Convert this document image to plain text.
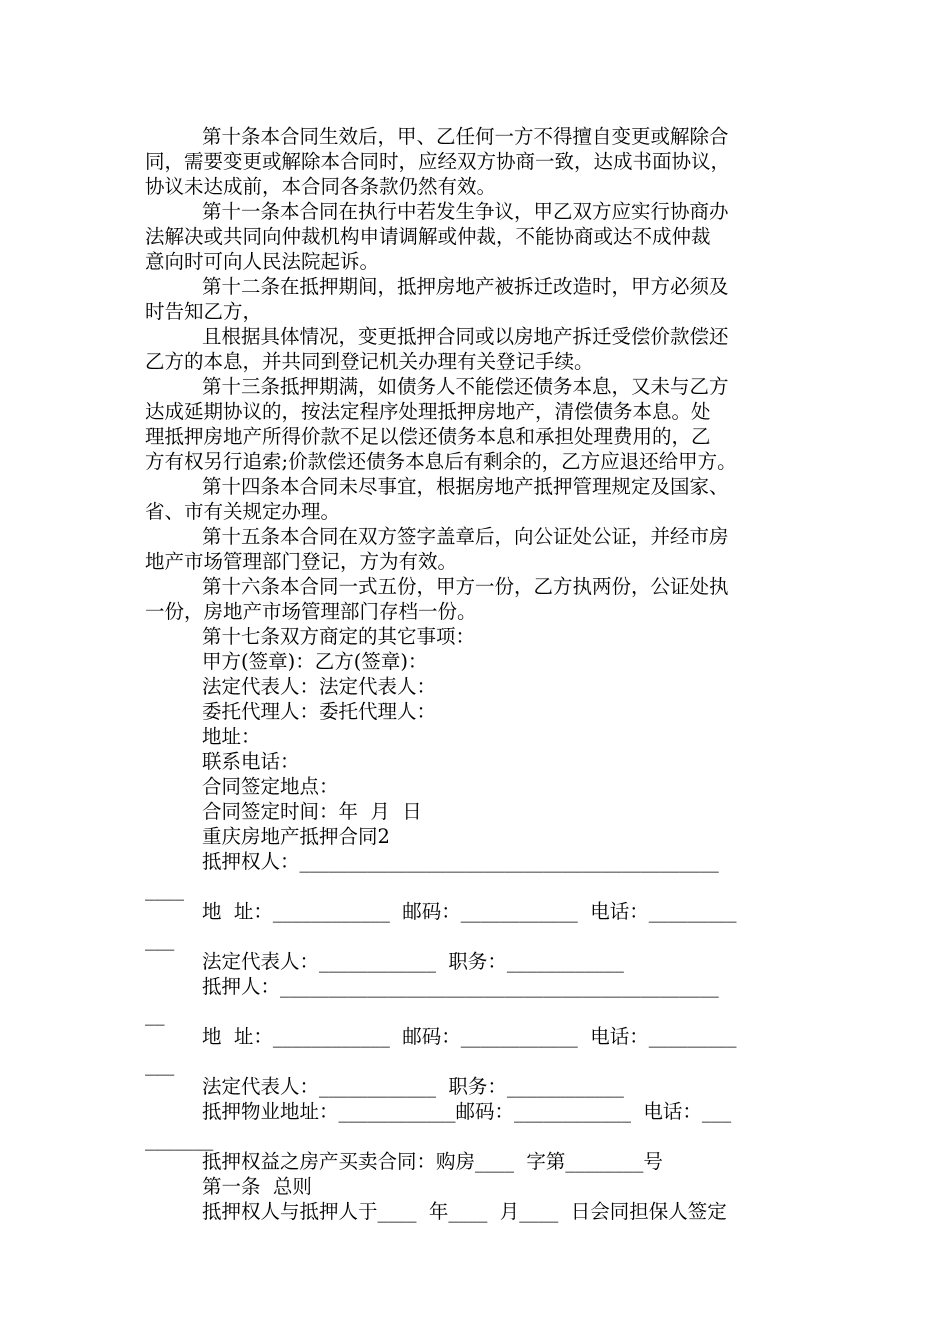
第十条本合同生效后，甲、乙任何一方不得擅自变更或解除合
同，需要变更或解除本合同时，应经双方协商一致，达成书面协议，
协议未达成前，本合同各条款仍然有效。
第十一条本合同在执行中若发生争议，甲乙双方应实行协商办
法解决或共同向仲裁机构申请调解或仲裁，不能协商或达不成仲裁
意向时可向人民法院起诉。
第十二条在抵押期间，抵押房地产被拆迁改造时，甲方必须及
时告知乙方，
且根据具体情况，变更抵押合同或以房地产拆迁受偿价款偿还
乙方的本息，并共同到登记机关办理有关登记手续。
第十三条抵押期满，如债务人不能偿还债务本息，又未与乙方
达成延期协议的，按法定程序处理抵押房地产，清偿债务本息。处
理抵押房地产所得价款不足以偿还债务本息和承担处理费用的，乙
方有权另行追索;价款偿还债务本息后有剩余的，乙方应退还给甲方。
第十四条本合同未尽事宜，根据房地产抵押管理规定及国家、
省、市有关规定办理。
第十五条本合同在双方签字盖章后，向公证处公证，并经市房
地产市场管理部门登记，方为有效。
第十六条本合同一式五份，甲方一份，乙方执两份，公证处执
一份，房地产市场管理部门存档一份。
第十七条双方商定的其它事项：
甲方(签章)：乙方(签章)：
法定代表人：法定代表人：
委托代理人：委托代理人：
地址：
联系电话：
合同签定地点：
合同签定时间：年  月  日
重庆房地产抵押合同2
抵押权人：___________________________________________
____
地  址：____________  邮码：____________  电话：_________
___
法定代表人：____________  职务：____________
抵押人：_____________________________________________
__
地  址：____________  邮码：____________  电话：_________
___
法定代表人：____________  职务：____________
抵押物业地址：____________邮码：____________  电话：___
_______
抵押权益之房产买卖合同：购房____  字第________号
第一条  总则
抵押权人与抵押人于____  年____  月____  日会同担保人签定
